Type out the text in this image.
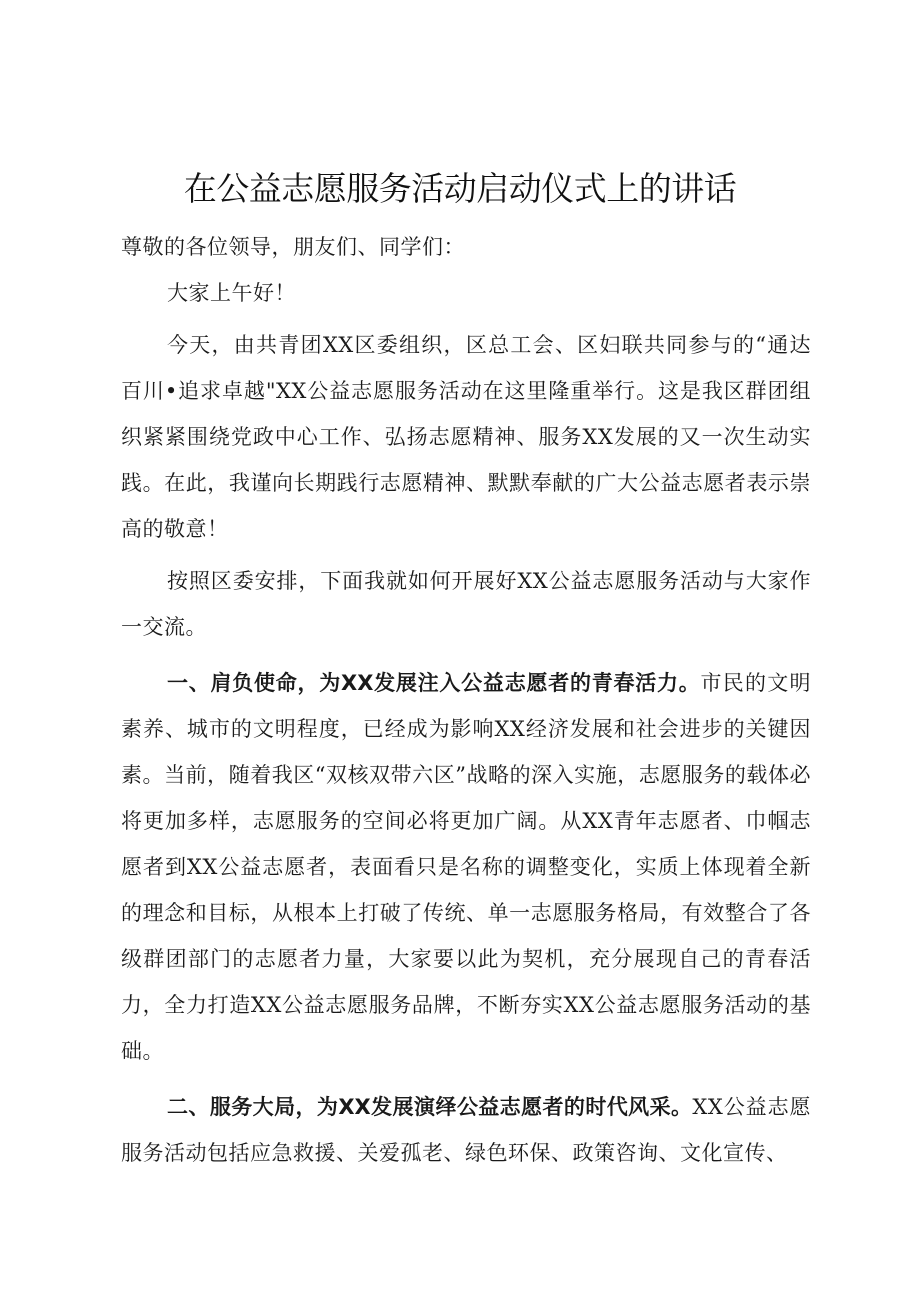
在公益志愿服务活动启动仪式上的讲话

尊敬的各位领导，朋友们、同学们：

大家上午好！

今天，由共青团XX区委组织，区总工会、区妇联共同参与的“通达百川•追求卓越"XX公益志愿服务活动在这里隆重举行。这是我区群团组织紧紧围绕党政中心工作、弘扬志愿精神、服务XX发展的又一次生动实践。在此，我谨向长期践行志愿精神、默默奉献的广大公益志愿者表示崇高的敬意！

按照区委安排，下面我就如何开展好XX公益志愿服务活动与大家作一交流。

一、肩负使命，为XX发展注入公益志愿者的青春活力。市民的文明素养、城市的文明程度，已经成为影响XX经济发展和社会进步的关键因素。当前，随着我区“双核双带六区”战略的深入实施，志愿服务的载体必将更加多样，志愿服务的空间必将更加广阔。从XX青年志愿者、巾帼志愿者到XX公益志愿者，表面看只是名称的调整变化，实质上体现着全新的理念和目标，从根本上打破了传统、单一志愿服务格局，有效整合了各级群团部门的志愿者力量，大家要以此为契机，充分展现自己的青春活力，全力打造XX公益志愿服务品牌，不断夯实XX公益志愿服务活动的基础。

二、服务大局，为XX发展演绎公益志愿者的时代风采。XX公益志愿服务活动包括应急救援、关爱孤老、绿色环保、政策咨询、文化宣传、
